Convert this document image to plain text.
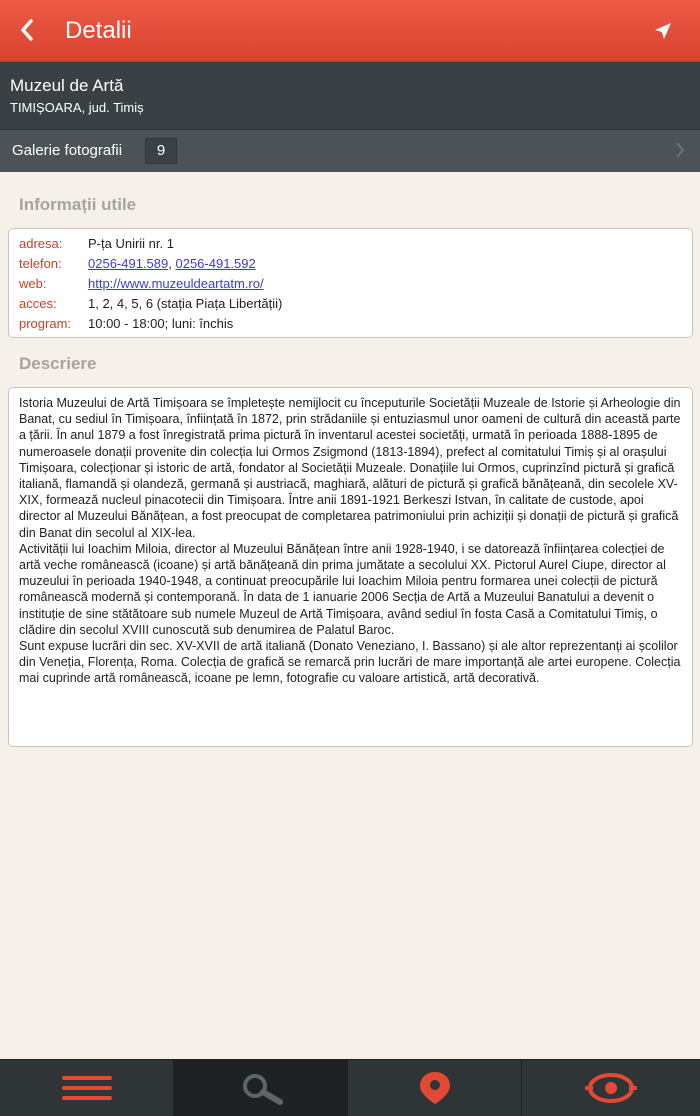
Detalii
Muzeul de Artă
TIMIȘOARA, jud. Timiș
Galerie fotografii	9
Informații utile
adresa: P-ța Unirii nr. 1
telefon: 0256-491.589, 0256-491.592
web:	http://www.muzeuldeartatm.ro/
acces: 1, 2, 4, 5, 6 (stația Piața Libertății)
program: 10:00 - 18:00; luni: închis
Descriere

Istoria Muzeului de Artă Timișoara se împletește nemijlocit cu începuturile Societății Muzeale de Istorie și Arheologie din Banat, cu sediul în Timișoara, înființată în 1872, prin strădaniile și entuziasmul unor oameni de cultură din această parte a țării. În anul 1879 a fost înregistrată prima pictură în inventarul acestei societăți, urmată în perioada 1888-1895 de numeroasele donații provenite din colecția lui Ormos Zsigmond (1813-1894), prefect al comitatului Timiș și al orașului Timișoara, colecționar și istoric de artă, fondator al Societății Muzeale. Donațiile lui Ormos, cuprinzînd pictură și grafică italiană, flamandă și olandeză, germană și austriacă, maghiară, alături de pictură și grafică bănățeană, din secolele XV-XIX, formează nucleul pinacotecii din Timișoara. Între anii 1891-1921 Berkeszi Istvan, în calitate de custode, apoi director al Muzeului Bănățean, a fost preocupat de completarea patrimoniului prin achiziții și donații de pictură și grafică din Banat din secolul al XIX-lea.

Activității lui Ioachim Miloia, director al Muzeului Bănățean între anii 1928-1940, i se datorează înființarea colecției de artă veche românească (icoane) și artă bănățeană din prima jumătate a secolului XX. Pictorul Aurel Ciupe, director al muzeului în perioada 1940-1948, a continuat preocupările lui Ioachim Miloia pentru formarea unei colecții de pictură românească modernă și contemporană. În data de 1 ianuarie 2006 Secția de Artă a Muzeului Banatului a devenit o instituție de sine stătătoare sub numele Muzeul de Artă Timișoara, având sediul în fosta Casă a Comitatului Timiș, o clădire din secolul XVIII cunoscută sub denumirea de Palatul Baroc.

Sunt expuse lucrări din sec. XV-XVII de artă italiană (Donato Veneziano, I. Bassano) și ale altor reprezentanți ai școlilor din Veneția, Florența, Roma. Colecția de grafică se remarcă prin lucrări de mare importanță ale artei europene. Colecția mai cuprinde artă românească, icoane pe lemn, fotografie cu valoare artistică, artă decorativă.
